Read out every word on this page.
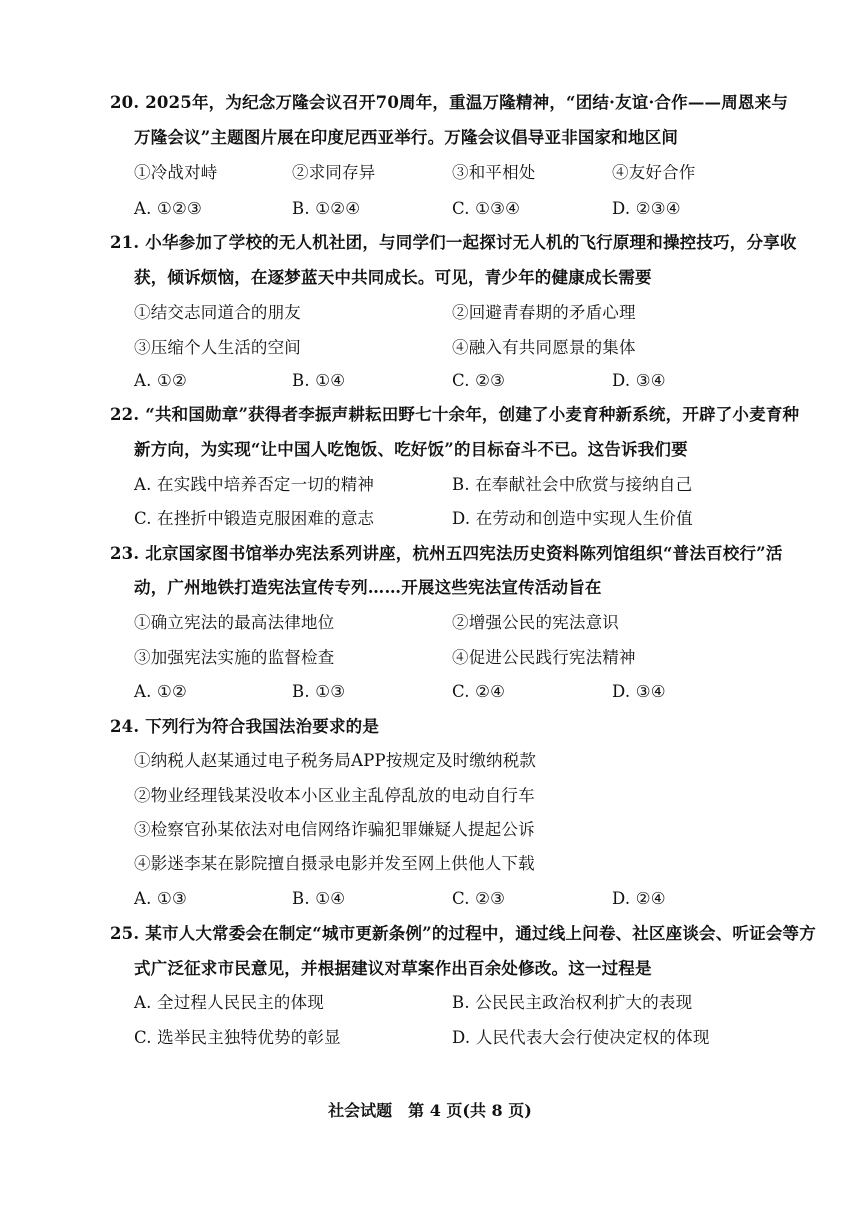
20. 2025年，为纪念万隆会议召开70周年，重温万隆精神，“团结·友谊·合作——周恩来与
万隆会议”主题图片展在印度尼西亚举行。万隆会议倡导亚非国家和地区间
①冷战对峙	②求同存异	③和平相处	④友好合作
A. ①②③	B. ①②④	C. ①③④	D. ②③④
21. 小华参加了学校的无人机社团，与同学们一起探讨无人机的飞行原理和操控技巧，分享收
获，倾诉烦恼，在逐梦蓝天中共同成长。可见，青少年的健康成长需要
①结交志同道合的朋友	②回避青春期的矛盾心理
③压缩个人生活的空间	④融入有共同愿景的集体
A. ①②	B. ①④	C. ②③	D. ③④
22. “共和国勋章”获得者李振声耕耘田野七十余年，创建了小麦育种新系统，开辟了小麦育种
新方向，为实现“让中国人吃饱饭、吃好饭”的目标奋斗不已。这告诉我们要
A. 在实践中培养否定一切的精神	B. 在奉献社会中欣赏与接纳自己
C. 在挫折中锻造克服困难的意志	D. 在劳动和创造中实现人生价值
23. 北京国家图书馆举办宪法系列讲座，杭州五四宪法历史资料陈列馆组织“普法百校行”活
动，广州地铁打造宪法宣传专列……开展这些宪法宣传活动旨在
①确立宪法的最高法律地位	②增强公民的宪法意识
③加强宪法实施的监督检查	④促进公民践行宪法精神
A. ①②	B. ①③	C. ②④	D. ③④
24. 下列行为符合我国法治要求的是
①纳税人赵某通过电子税务局APP按规定及时缴纳税款
②物业经理钱某没收本小区业主乱停乱放的电动自行车
③检察官孙某依法对电信网络诈骗犯罪嫌疑人提起公诉
④影迷李某在影院擅自摄录电影并发至网上供他人下载
A. ①③	B. ①④	C. ②③	D. ②④
25. 某市人大常委会在制定“城市更新条例”的过程中，通过线上问卷、社区座谈会、听证会等方
式广泛征求市民意见，并根据建议对草案作出百余处修改。这一过程是
A. 全过程人民民主的体现	B. 公民民主政治权利扩大的表现
C. 选举民主独特优势的彰显	D. 人民代表大会行使决定权的体现
社会试题　第 4 页(共 8 页)
